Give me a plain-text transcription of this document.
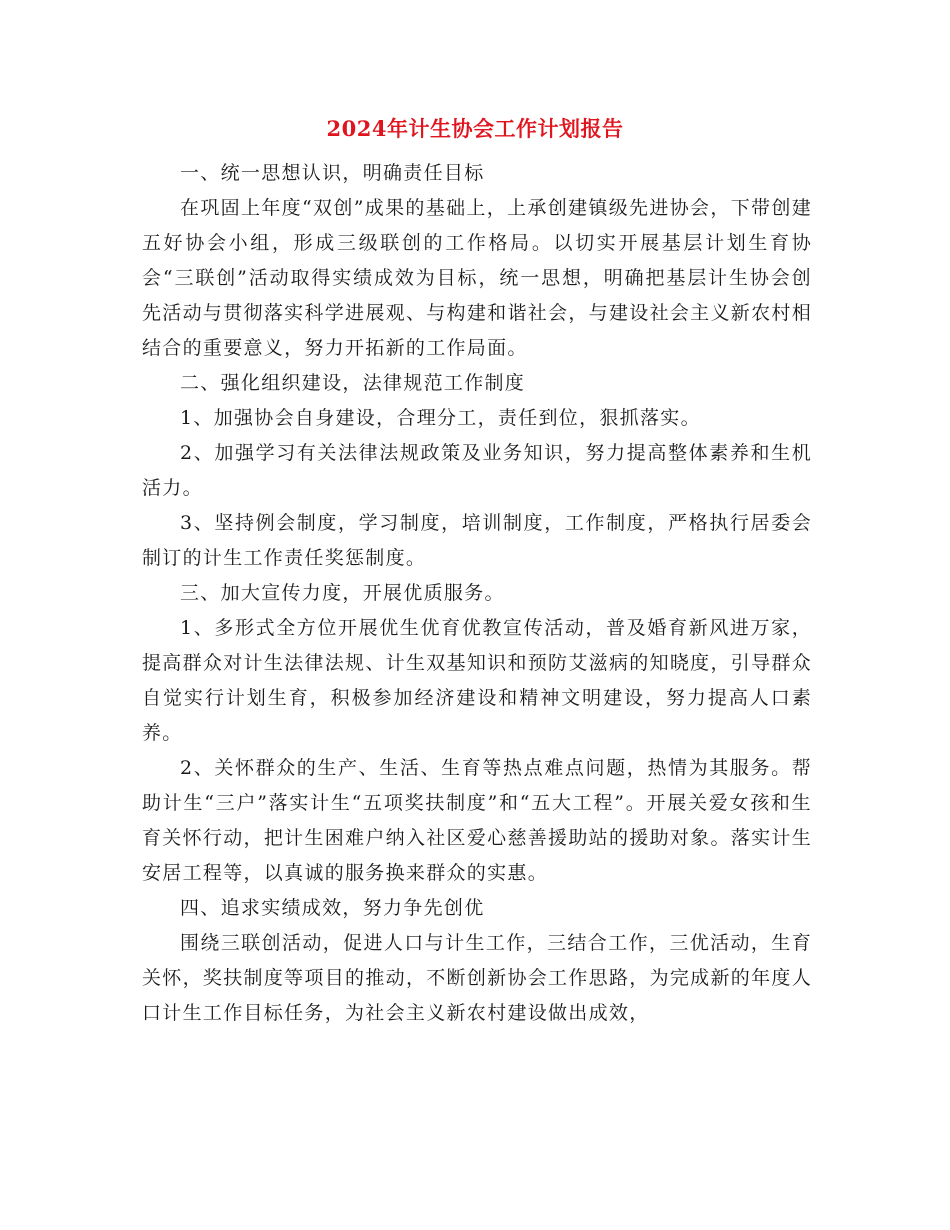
2024年计生协会工作计划报告

一、统一思想认识，明确责任目标

在巩固上年度“双创”成果的基础上，上承创建镇级先进协会，下带创建五好协会小组，形成三级联创的工作格局。以切实开展基层计划生育协会“三联创”活动取得实绩成效为目标，统一思想，明确把基层计生协会创先活动与贯彻落实科学进展观、与构建和谐社会，与建设社会主义新农村相结合的重要意义，努力开拓新的工作局面。

二、强化组织建设，法律规范工作制度

1、加强协会自身建设，合理分工，责任到位，狠抓落实。

2、加强学习有关法律法规政策及业务知识，努力提高整体素养和生机活力。

3、坚持例会制度，学习制度，培训制度，工作制度，严格执行居委会制订的计生工作责任奖惩制度。

三、加大宣传力度，开展优质服务。

1、多形式全方位开展优生优育优教宣传活动，普及婚育新风进万家，提高群众对计生法律法规、计生双基知识和预防艾滋病的知晓度，引导群众自觉实行计划生育，积极参加经济建设和精神文明建设，努力提高人口素养。

2、关怀群众的生产、生活、生育等热点难点问题，热情为其服务。帮助计生“三户”落实计生“五项奖扶制度”和“五大工程”。开展关爱女孩和生育关怀行动，把计生困难户纳入社区爱心慈善援助站的援助对象。落实计生安居工程等，以真诚的服务换来群众的实惠。

四、追求实绩成效，努力争先创优

围绕三联创活动，促进人口与计生工作，三结合工作，三优活动，生育关怀，奖扶制度等项目的推动，不断创新协会工作思路，为完成新的年度人口计生工作目标任务，为社会主义新农村建设做出成效，
